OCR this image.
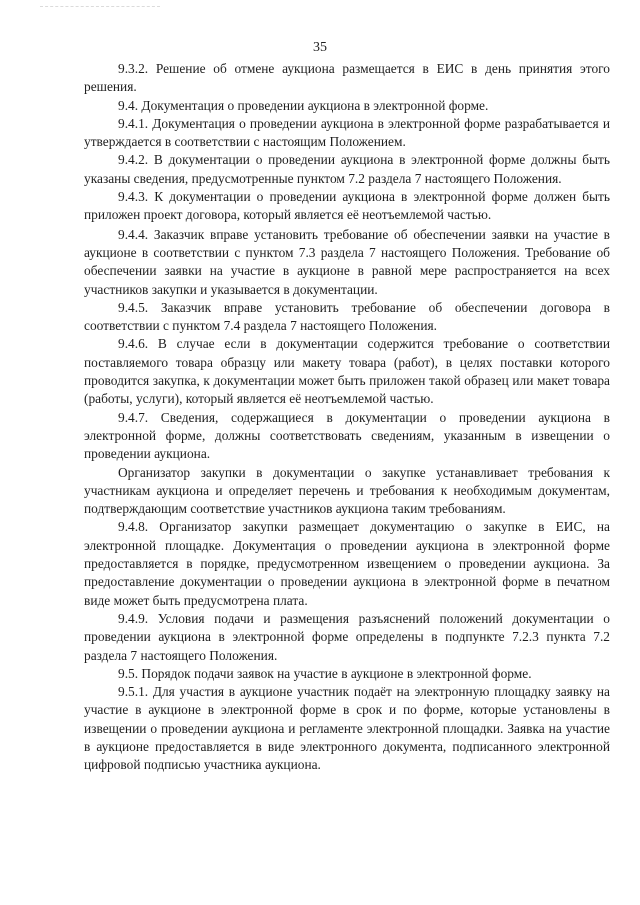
35

9.3.2. Решение об отмене аукциона размещается в ЕИС в день принятия этого решения.

9.4. Документация о проведении аукциона в электронной форме.

9.4.1. Документация о проведении аукциона в электронной форме разрабатывается и утверждается в соответствии с настоящим Положением.

9.4.2. В документации о проведении аукциона в электронной форме должны быть указаны сведения, предусмотренные пунктом 7.2 раздела 7 настоящего Положения.

9.4.3. К документации о проведении аукциона в электронной форме должен быть приложен проект договора, который является её неотъемлемой частью.

9.4.4. Заказчик вправе установить требование об обеспечении заявки на участие в аукционе в соответствии с пунктом 7.3 раздела 7 настоящего Положения. Требование об обеспечении заявки на участие в аукционе в равной мере распространяется на всех участников закупки и указывается в документации.

9.4.5. Заказчик вправе установить требование об обеспечении договора в соответствии с пунктом 7.4 раздела 7 настоящего Положения.

9.4.6. В случае если в документации содержится требование о соответствии поставляемого товара образцу или макету товара (работ), в целях поставки которого проводится закупка, к документации может быть приложен такой образец или макет товара (работы, услуги), который является её неотъемлемой частью.

9.4.7. Сведения, содержащиеся в документации о проведении аукциона в электронной форме, должны соответствовать сведениям, указанным в извещении о проведении аукциона.

Организатор закупки в документации о закупке устанавливает требования к участникам аукциона и определяет перечень и требования к необходимым документам, подтверждающим соответствие участников аукциона таким требованиям.

9.4.8. Организатор закупки размещает документацию о закупке в ЕИС, на электронной площадке. Документация о проведении аукциона в электронной форме предоставляется в порядке, предусмотренном извещением о проведении аукциона. За предоставление документации о проведении аукциона в электронной форме в печатном виде может быть предусмотрена плата.

9.4.9. Условия подачи и размещения разъяснений положений документации о проведении аукциона в электронной форме определены в подпункте 7.2.3 пункта 7.2 раздела 7 настоящего Положения.

9.5. Порядок подачи заявок на участие в аукционе в электронной форме.

9.5.1. Для участия в аукционе участник подаёт на электронную площадку заявку на участие в аукционе в электронной форме в срок и по форме, которые установлены в извещении о проведении аукциона и регламенте электронной площадки. Заявка на участие в аукционе предоставляется в виде электронного документа, подписанного электронной цифровой подписью участника аукциона.
